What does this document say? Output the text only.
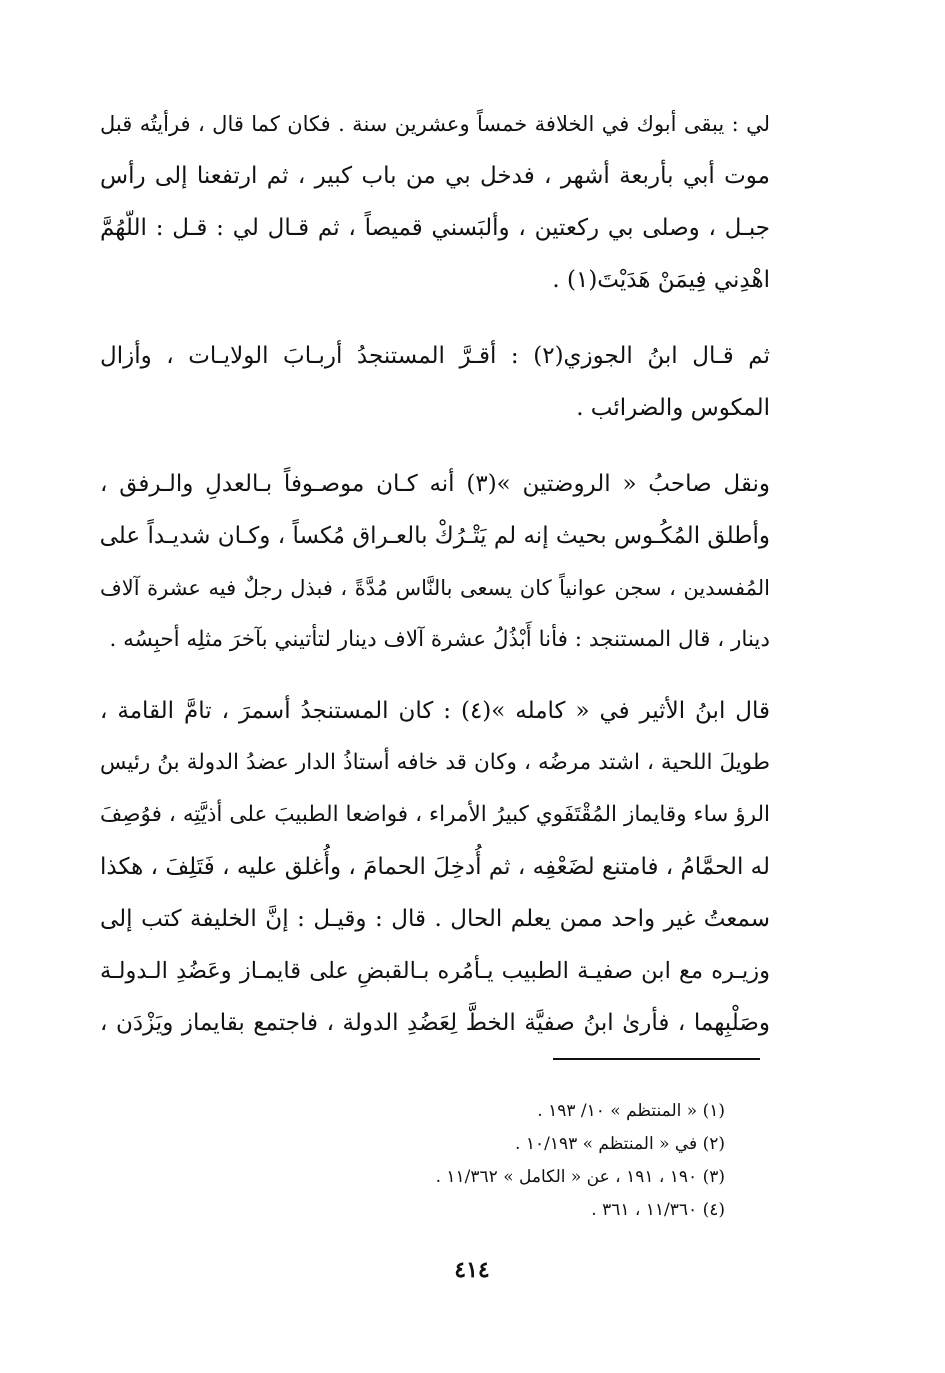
لي : يبقى أبوك في الخلافة خمساً وعشرين سنة . فكان كما قال ، فرأيتُه قبل
موت أبي بأربعة أشهر ، فدخل بي من باب كبير ، ثم ارتفعنا إلى رأس
جبـل ، وصلى بي ركعتين ، وألبَسني قميصاً ، ثم قـال لي : قـل : اللّهُمَّ
اهْدِني فِيمَنْ هَدَيْتَ(١) .
ثم قـال ابنُ الجوزي(٢) : أقـرَّ المستنجدُ أربـابَ الولايـات ، وأزال
المكوس والضرائب .
ونقل صاحبُ « الروضتين »(٣) أنه كـان موصـوفاً بـالعدلِ والـرفق ،
وأطلق المُكُـوس بحيث إنه لم يَتْـرُكْ بالعـراق مُكساً ، وكـان شديـداً على
المُفسدين ، سجن عوانياً كان يسعى بالنَّاس مُدَّةً ، فبذل رجلٌ فيه عشرة آلاف
دينار ، قال المستنجد : فأنا أَبْذُلُ عشرة آلاف دينار لتأتيني بآخرَ مثلِه أحبِسُه .
قال ابنُ الأثير في « كامله »(٤) : كان المستنجدُ أسمرَ ، تامَّ القامة ،
طويلَ اللحية ، اشتد مرضُه ، وكان قد خافه أستاذُ الدار عضدُ الدولة بنُ رئيس
الرؤ ساء وقايماز المُقْتَفَوي كبيرُ الأمراء ، فواضعا الطبيبَ على أذيَّتِه ، فوُصِفَ
له الحمَّامُ ، فامتنع لضَعْفِه ، ثم أُدخِلَ الحمامَ ، وأُغلق عليه ، فَتَلِفَ ، هكذا
سمعتُ غير واحد ممن يعلم الحال . قال : وقيـل : إنَّ الخليفة كتب إلى
وزيـره مع ابن صفيـة الطبيب يـأمُره بـالقبضِ على قايمـاز وعَضُدِ الـدولـة
وصَلْبِهما ، فأرىٰ ابنُ صفيَّة الخطَّ لِعَضُدِ الدولة ، فاجتمع بقايماز ويَزْدَن ،
(١) « المنتظم » ١٠/ ١٩٣ .
(٢) في « المنتظم » ١٠/١٩٣ .
(٣) ١٩٠ ، ١٩١ ، عن « الكامل » ١١/٣٦٢ .
(٤) ١١/٣٦٠ ، ٣٦١ .
٤١٤
